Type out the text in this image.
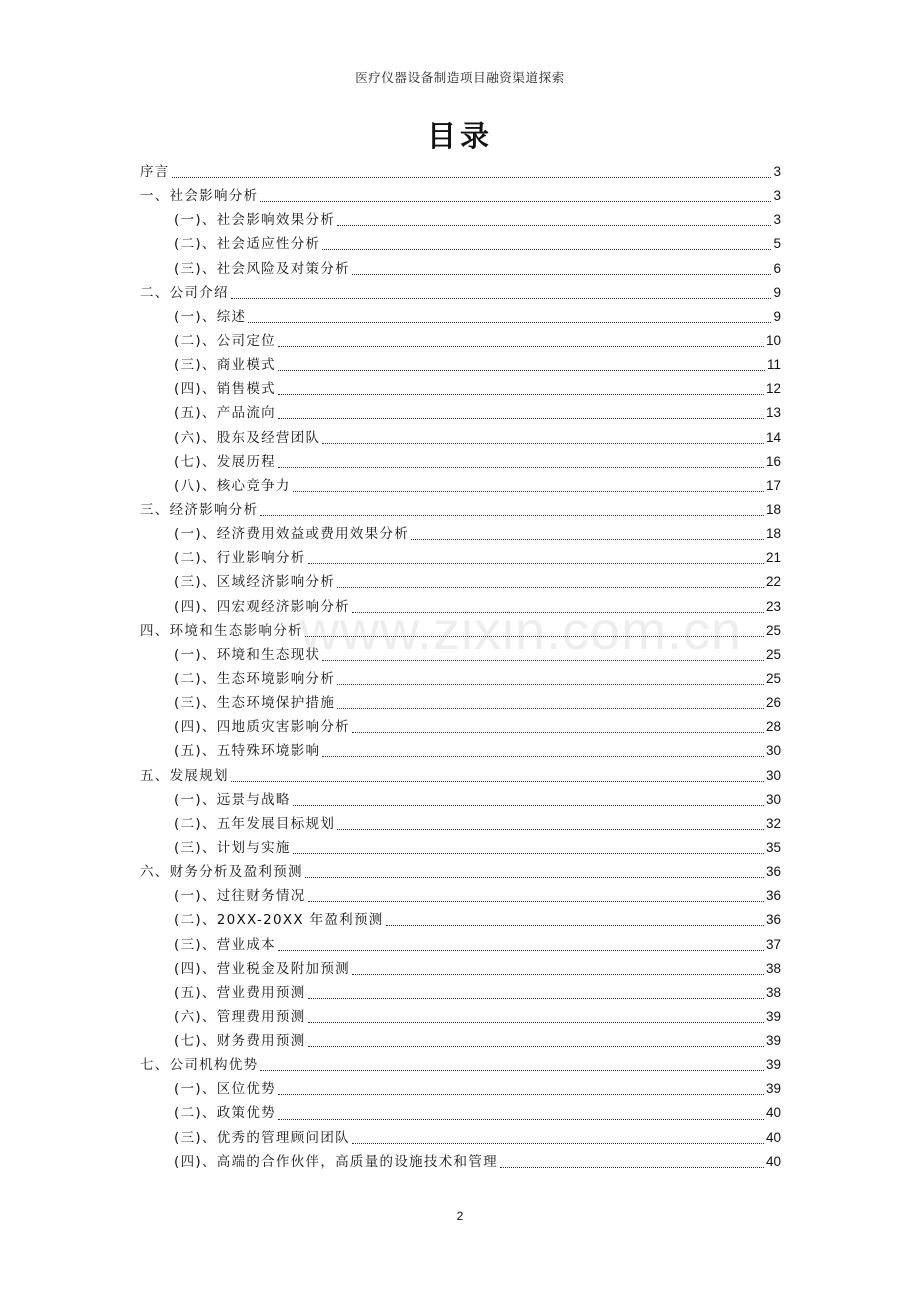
医疗仪器设备制造项目融资渠道探索
目录
www.zixin.com.cn
序言	3
一、社会影响分析	3
(一)、社会影响效果分析	3
(二)、社会适应性分析	5
(三)、社会风险及对策分析	6
二、公司介绍	9
(一)、综述	9
(二)、公司定位	10
(三)、商业模式	11
(四)、销售模式	12
(五)、产品流向	13
(六)、股东及经营团队	14
(七)、发展历程	16
(八)、核心竞争力	17
三、经济影响分析	18
(一)、经济费用效益或费用效果分析	18
(二)、行业影响分析	21
(三)、区域经济影响分析	22
(四)、四宏观经济影响分析	23
四、环境和生态影响分析	25
(一)、环境和生态现状	25
(二)、生态环境影响分析	25
(三)、生态环境保护措施	26
(四)、四地质灾害影响分析	28
(五)、五特殊环境影响	30
五、发展规划	30
(一)、远景与战略	30
(二)、五年发展目标规划	32
(三)、计划与实施	35
六、财务分析及盈利预测	36
(一)、过往财务情况	36
(二)、20XX-20XX 年盈利预测	36
(三)、营业成本	37
(四)、营业税金及附加预测	38
(五)、营业费用预测	38
(六)、管理费用预测	39
(七)、财务费用预测	39
七、公司机构优势	39
(一)、区位优势	39
(二)、政策优势	40
(三)、优秀的管理顾问团队	40
(四)、高端的合作伙伴，高质量的设施技术和管理	40
2
